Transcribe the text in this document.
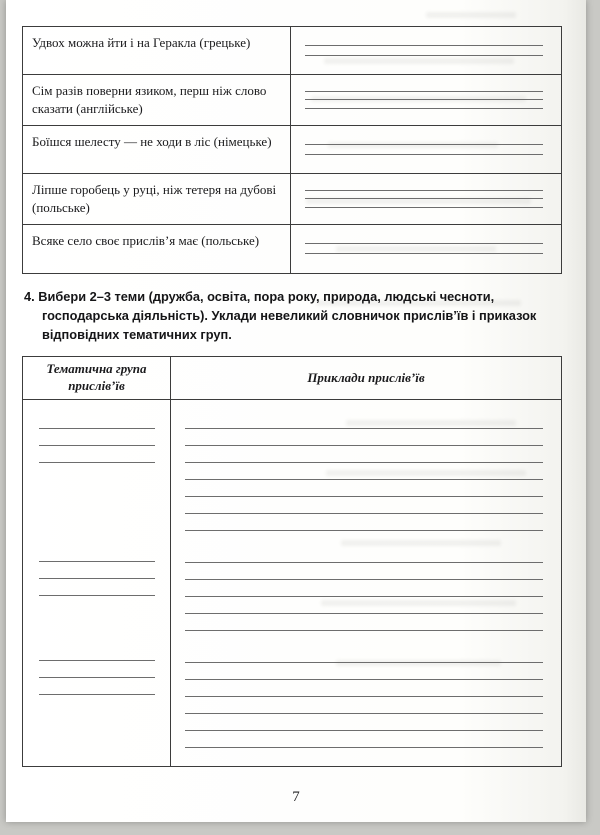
Удвох можна йти і на Геракла (грецьке)
Сім разів поверни язиком, перш ніж слово сказати (англійське)
Боїшся шелесту — не ходи в ліс (німецьке)
Ліпше горобець у руці, ніж тетеря на дубові (польське)
Всяке село своє прислів’я має (польське)

4. Вибери 2–3 теми (дружба, освіта, пора року, природа, людські чесноти, господарська діяльність). Уклади невеликий словничок прислів’їв і приказок відповідних тематичних груп.

Тематична група прислів’їв
Приклади прислів’їв
7
